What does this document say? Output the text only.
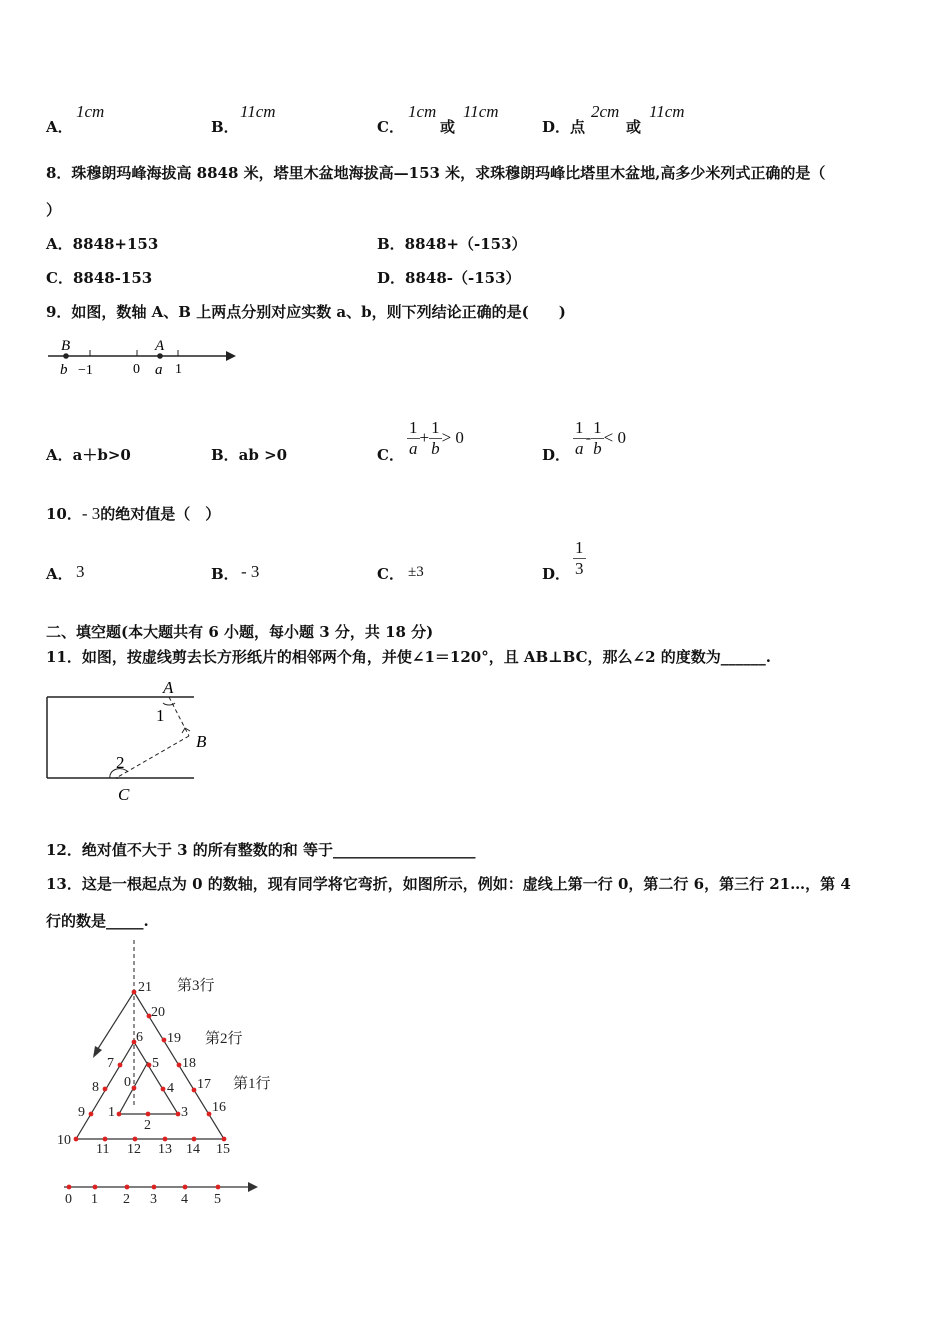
A．
1cm
B．
11cm
C．
1cm
或
11cm
D．点
2cm
或
11cm
8．珠穆朗玛峰海拔高 8848 米，塔里木盆地海拔高—153 米，求珠穆朗玛峰比塔里木盆地,高多少米列式正确的是（
）
A．8848+153	B．8848+（-153）
C．8848-153	D．8848-（-153）
9．如图，数轴 A、B 上两点分别对应实数 a、b，则下列结论正确的是(　　)
B
b −1	0
A
a 1
A．a＋b>0	B．ab >0	C． $\frac{1}{a} + \frac{1}{b} > 0$
D． $\frac{1}{a} - \frac{1}{b} < 0$
10．- 3的绝对值是（　）
A． 3	B． - 3	C． ±3	D． $\frac{1}{3}$
二、填空题(本大题共有 6 小题，每小题 3 分，共 18 分)
11．如图，按虚线剪去长方形纸片的相邻两个角，并使∠1＝120°，且 AB⊥BC，那么∠2 的度数为______.
A
1
B
2
C
12．绝对值不大于 3 的所有整数的和 等于___________________
13．这是一根起点为 0 的数轴，现有同学将它弯折，如图所示，例如：虚线上第一行 0，第二行 6，第三行 21…，第 4
行的数是_____.
21
20
19
18
17
16
15
14
13
12
11
10
9
8
7
6
5
4
3
2
1
0
第3行
第2行
第1行
0 1 2 3 4 5
